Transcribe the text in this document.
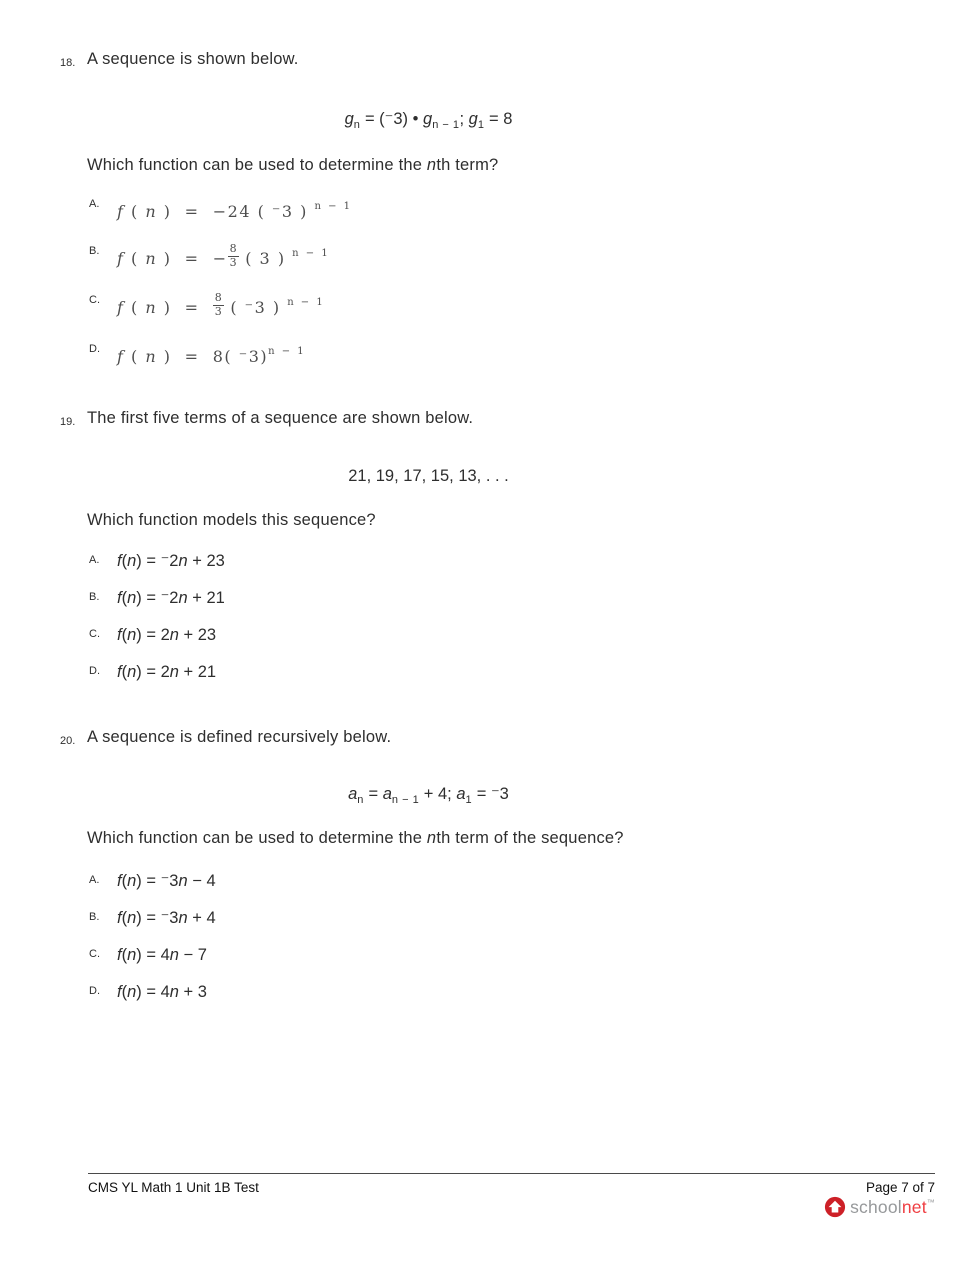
18. A sequence is shown below.
$g_n = (^-3)$ • $g_{n - 1}$; $g_1 = 8$
Which function can be used to determine the nth term?
A.	f ( n )  =  −24 ( ⁻3 ) $^{n - 1}$
B.	f ( n )  =  − $\frac{8}{3}$ ( 3 ) $^{n - 1}$
C.	f ( n )  = $\frac{8}{3}$ ( ⁻3 ) $^{n - 1}$
D.	f ( n )  =  8( ⁻3)$^{n - 1}$
19. The first five terms of a sequence are shown below.
21, 19, 17, 15, 13, . . .
Which function models this sequence?
A.	f(n) = ⁻2n + 23
B.	f(n) = ⁻2n + 21
C.	f(n) = 2n + 23
D.	f(n) = 2n + 21
20. A sequence is defined recursively below.
$a_n = a_{n - 1} + 4$; $a_1 = ^-3$
Which function can be used to determine the nth term of the sequence?
A.	f(n) = ⁻3n − 4
B.	f(n) = ⁻3n + 4
C.	f(n) = 4n − 7
D.	f(n) = 4n + 3
CMS YL Math 1 Unit 1B Test	Page 7 of 7
schoolnet™
